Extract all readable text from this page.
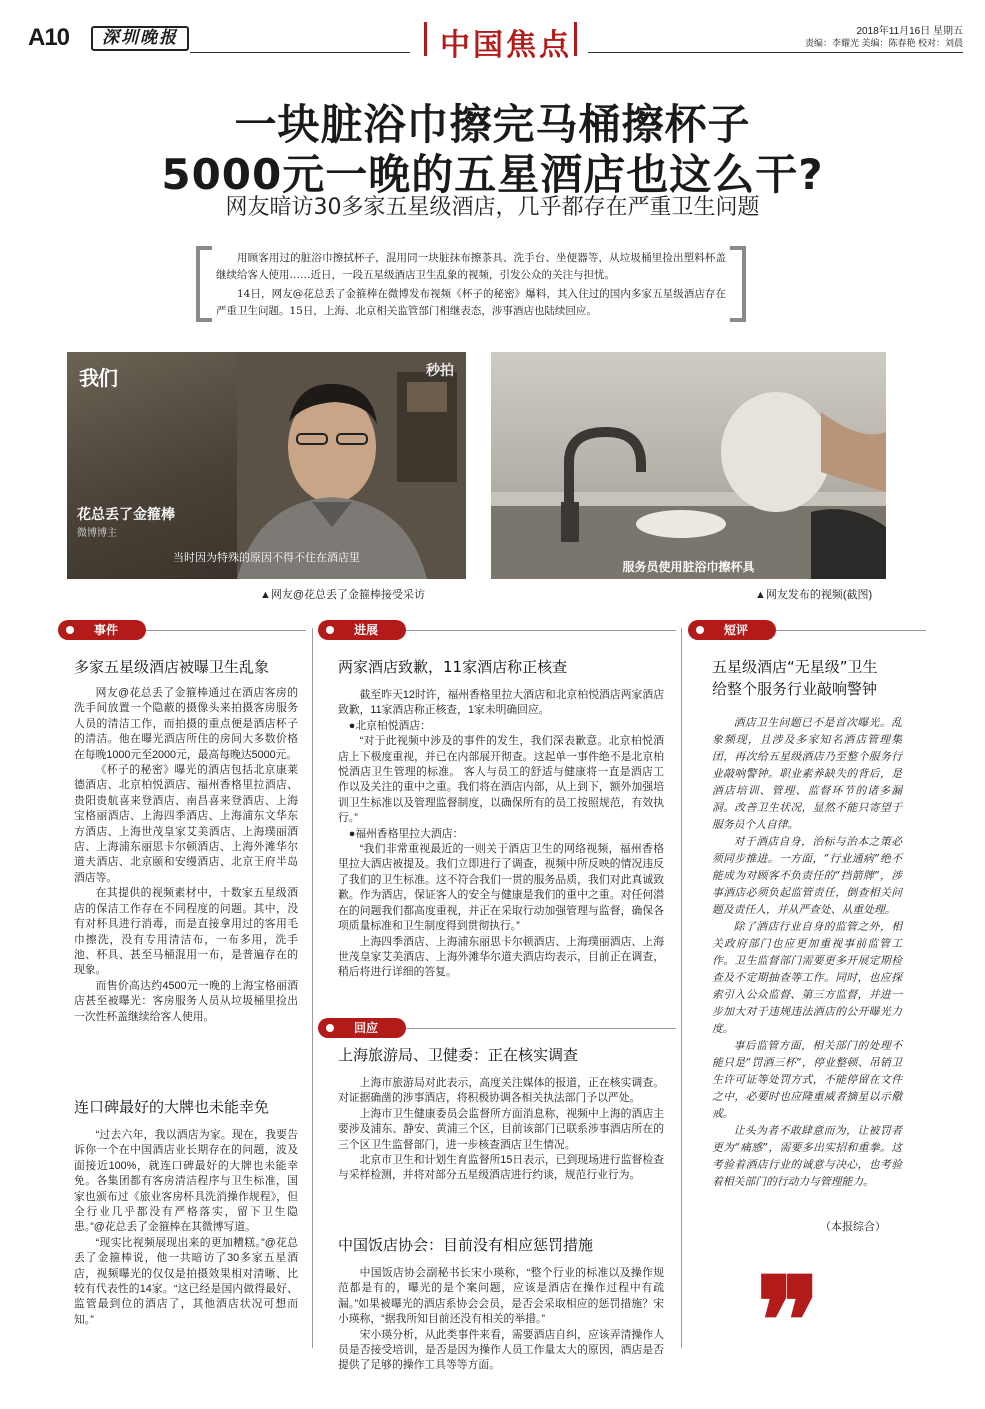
A10	深圳晚报	中国焦点	2018年11月16日 星期五
责编：李耀光 美编：陈春艳 校对：刘晨
一块脏浴巾擦完马桶擦杯子
5000元一晚的五星酒店也这么干?
网友暗访30多家五星级酒店，几乎都存在严重卫生问题

用顾客用过的脏浴巾擦拭杯子，混用同一块脏抹布擦茶具、洗手台、坐便器等，从垃圾桶里捡出塑料杯盖继续给客人使用……近日，一段五星级酒店卫生乱象的视频，引发公众的关注与担忧。

14日，网友@花总丢了金箍棒在微博发布视频《杯子的秘密》爆料，其入住过的国内多家五星级酒店存在严重卫生问题。15日，上海、北京相关监管部门相继表态，涉事酒店也陆续回应。

我们	秒拍
花总丢了金箍棒
微博博主
当时因为特殊的原因不得不住在酒店里
服务员使用脏浴巾擦杯具
▲网友@花总丢了金箍棒接受采访	▲网友发布的视频(截图)
事件
多家五星级酒店被曝卫生乱象

网友@花总丢了金箍棒通过在酒店客房的洗手间放置一个隐蔽的摄像头来拍摄客房服务人员的清洁工作，而拍摄的重点便是酒店杯子的清洁。他在曝光酒店所住的房间大多数价格在每晚1000元至2000元，最高每晚达5000元。

《杯子的秘密》曝光的酒店包括北京康莱德酒店、北京柏悦酒店、福州香格里拉酒店、贵阳贵航喜来登酒店、南昌喜来登酒店、上海宝格丽酒店、上海四季酒店、上海浦东文华东方酒店、上海世茂皇家艾美酒店、上海璞丽酒店、上海浦东丽思卡尔顿酒店、上海外滩华尔道夫酒店、北京颐和安缦酒店、北京王府半岛酒店等。

在其提供的视频素材中，十数家五星级酒店的保洁工作存在不同程度的问题。其中，没有对杯具进行消毒，而是直接拿用过的客用毛巾擦洗，没有专用清洁布，一布多用，洗手池、杯具、甚至马桶混用一布，是普遍存在的现象。

而售价高达约4500元一晚的上海宝格丽酒店甚至被曝光：客房服务人员从垃圾桶里捡出一次性杯盖继续给客人使用。

连口碑最好的大牌也未能幸免

“过去六年，我以酒店为家。现在，我要告诉你一个在中国酒店业长期存在的问题，波及面接近100%，就连口碑最好的大牌也未能幸免。各集团都有客房清洁程序与卫生标准，国家也颁布过《旅业客房杯具洗消操作规程》，但全行业几乎都没有严格落实，留下卫生隐患。”@花总丢了金箍棒在其微博写道。

“现实比视频展现出来的更加糟糕。”@花总丢了金箍棒说，他一共暗访了30多家五星酒店，视频曝光的仅仅是拍摄效果相对清晰、比较有代表性的14家。“这已经是国内做得最好、监管最到位的酒店了，其他酒店状况可想而知。”

进展
两家酒店致歉，11家酒店称正核查

截至昨天12时许，福州香格里拉大酒店和北京柏悦酒店两家酒店致歉，11家酒店称正核查，1家未明确回应。

●北京柏悦酒店：

“对于此视频中涉及的事件的发生，我们深表歉意。北京柏悦酒店上下极度重视，并已在内部展开彻查。这起单一事件绝不是北京柏悦酒店卫生管理的标准。 客人与员工的舒适与健康将一直是酒店工作以及关注的重中之重。我们将在酒店内部，从上到下，额外加强培训卫生标准以及管理监督制度，以确保所有的员工按照规范，有效执行。”

●福州香格里拉大酒店：

“我们非常重视最近的一则关于酒店卫生的网络视频，福州香格里拉大酒店被提及。我们立即进行了调查，视频中所反映的情况违反了我们的卫生标准。这不符合我们一贯的服务品质，我们对此真诚致歉。作为酒店，保证客人的安全与健康是我们的重中之重。对任何潜在的问题我们都高度重视，并正在采取行动加强管理与监督，确保各项质量标准和卫生制度得到贯彻执行。”

上海四季酒店、上海浦东丽思卡尔顿酒店、上海璞丽酒店、上海世茂皇家艾美酒店、上海外滩华尔道夫酒店均表示，目前正在调查，稍后将进行详细的答复。

回应
上海旅游局、卫健委：正在核实调查

上海市旅游局对此表示，高度关注媒体的报道，正在核实调查。对证据确凿的涉事酒店，将积极协调各相关执法部门予以严处。

上海市卫生健康委员会监督所方面消息称，视频中上海的酒店主要涉及浦东、静安、黄浦三个区，目前该部门已联系涉事酒店所在的三个区卫生监督部门，进一步核查酒店卫生情况。

北京市卫生和计划生育监督所15日表示，已到现场进行监督检查与采样检测，并将对部分五星级酒店进行约谈，规范行业行为。

中国饭店协会：目前没有相应惩罚措施

中国饭店协会副秘书长宋小瑛称，“整个行业的标准以及操作规范都是有的，曝光的是个案问题，应该是酒店在操作过程中有疏漏。”如果被曝光的酒店系协会会员，是否会采取相应的惩罚措施？宋小瑛称，“据我所知目前还没有相关的举措。”

宋小瑛分析，从此类事件来看，需要酒店自纠，应该弄清操作人员是否接受培训，是否是因为操作人员工作量太大的原因，酒店是否提供了足够的操作工具等等方面。

短评
五星级酒店“无星级”卫生
给整个服务行业敲响警钟

酒店卫生问题已不是首次曝光。乱象频现，且涉及多家知名酒店管理集团，再次给五星级酒店乃至整个服务行业敲响警钟。职业素养缺失的背后，是酒店培训、管理、监督环节的诸多漏洞。改善卫生状况，显然不能只寄望于服务员个人自律。

对于酒店自身，治标与治本之策必须同步推进。一方面，“行业通病”绝不能成为对顾客不负责任的“挡箭牌”，涉事酒店必须负起监管责任，倒查相关问题及责任人，并从严查处、从重处理。

除了酒店行业自身的监管之外，相关政府部门也应更加重视事前监管工作。卫生监督部门需要更多开展定期检查及不定期抽查等工作。同时，也应探索引入公众监督、第三方监督，并进一步加大对于违规违法酒店的公开曝光力度。

事后监管方面，相关部门的处理不能只是“罚酒三杯”，停业整顿、吊销卫生许可证等处罚方式，不能停留在文件之中，必要时也应隆重威者摘星以示儆戒。

让头为者不敢肆意而为，让被罚者更为“痛感”，需要多出实招和重拳。这考验着酒店行业的诚意与决心，也考验着相关部门的行动力与管理能力。

（本报综合）
❞
